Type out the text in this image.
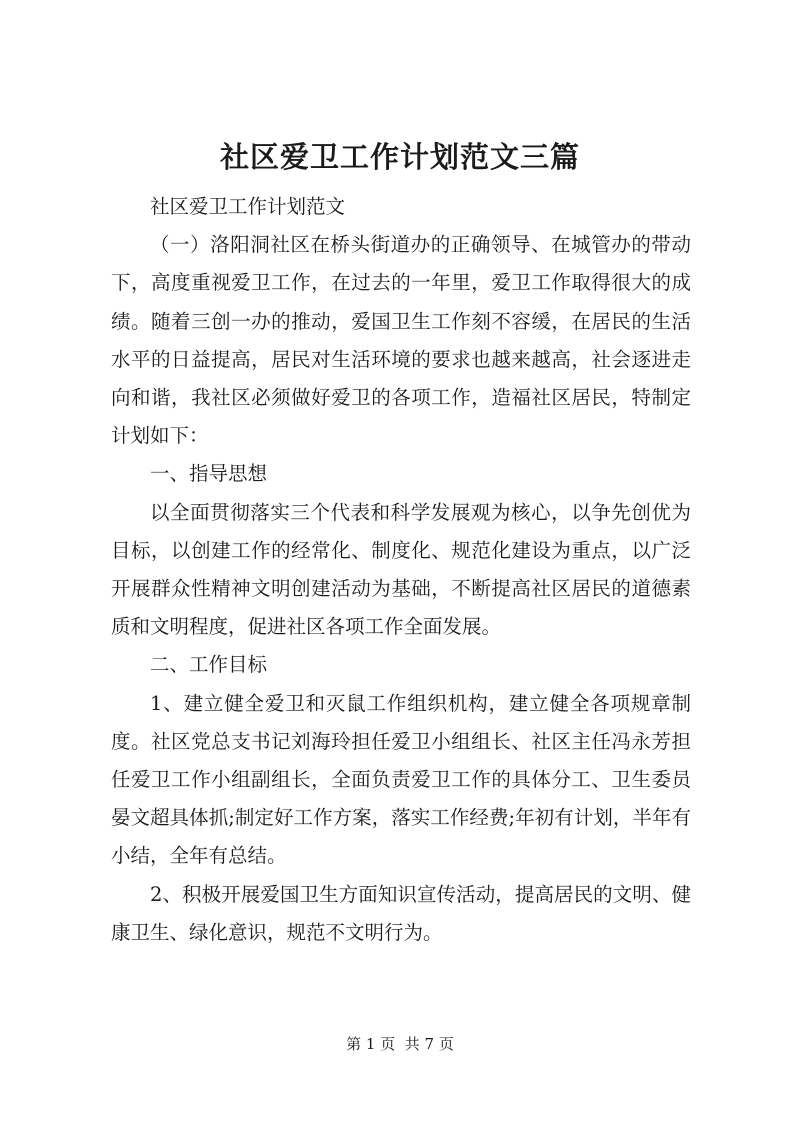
社区爱卫工作计划范文三篇

社区爱卫工作计划范文

（一）洛阳洞社区在桥头街道办的正确领导、在城管办的带动下，高度重视爱卫工作，在过去的一年里，爱卫工作取得很大的成绩。随着三创一办的推动，爱国卫生工作刻不容缓，在居民的生活水平的日益提高，居民对生活环境的要求也越来越高，社会逐进走向和谐，我社区必须做好爱卫的各项工作，造福社区居民，特制定计划如下：

一、指导思想

以全面贯彻落实三个代表和科学发展观为核心，以争先创优为目标，以创建工作的经常化、制度化、规范化建设为重点，以广泛开展群众性精神文明创建活动为基础，不断提高社区居民的道德素质和文明程度，促进社区各项工作全面发展。

二、工作目标

1、建立健全爱卫和灭鼠工作组织机构，建立健全各项规章制度。社区党总支书记刘海玲担任爱卫小组组长、社区主任冯永芳担任爱卫工作小组副组长，全面负责爱卫工作的具体分工、卫生委员晏文超具体抓;制定好工作方案，落实工作经费;年初有计划，半年有小结，全年有总结。

2、积极开展爱国卫生方面知识宣传活动，提高居民的文明、健康卫生、绿化意识，规范不文明行为。

第 1 页  共 7 页
